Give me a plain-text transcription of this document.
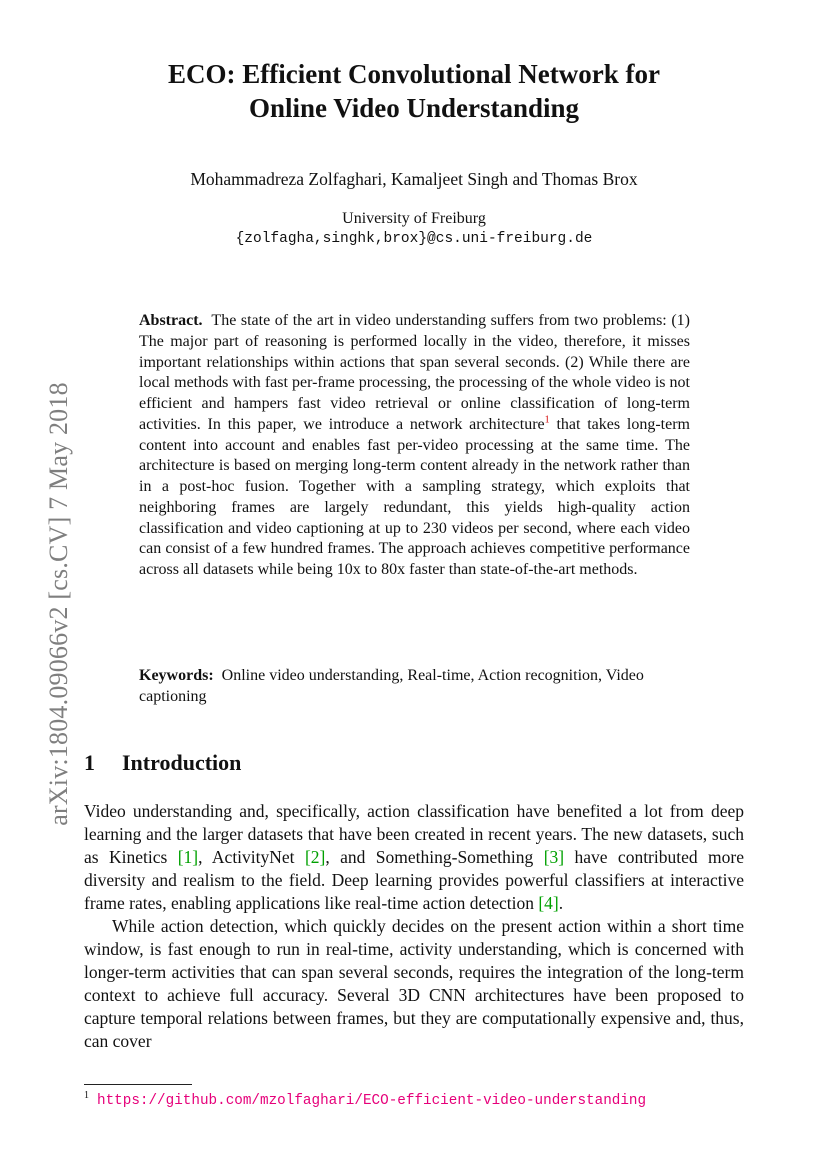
arXiv:1804.09066v2 [cs.CV] 7 May 2018
ECO: Efficient Convolutional Network for
Online Video Understanding
Mohammadreza Zolfaghari, Kamaljeet Singh and Thomas Brox
University of Freiburg
{zolfagha,singhk,brox}@cs.uni-freiburg.de
Abstract. The state of the art in video understanding suffers from two problems: (1) The major part of reasoning is performed locally in the video, therefore, it misses important relationships within actions that span several seconds. (2) While there are local methods with fast per-frame processing, the processing of the whole video is not efficient and hampers fast video retrieval or online classification of long-term activities. In this paper, we introduce a network architecture$^1$ that takes long-term content into account and enables fast per-video processing at the same time. The architecture is based on merging long-term content already in the network rather than in a post-hoc fusion. Together with a sampling strategy, which exploits that neighboring frames are largely redundant, this yields high-quality action classification and video captioning at up to 230 videos per second, where each video can consist of a few hundred frames. The approach achieves competitive performance across all datasets while being 10x to 80x faster than state-of-the-art methods.
Keywords: Online video understanding, Real-time, Action recognition, Video captioning
1 Introduction

Video understanding and, specifically, action classification have benefited a lot from deep learning and the larger datasets that have been created in recent years. The new datasets, such as Kinetics [1], ActivityNet [2], and Something-Something [3] have contributed more diversity and realism to the field. Deep learning provides powerful classifiers at interactive frame rates, enabling applications like real-time action detection [4].

While action detection, which quickly decides on the present action within a short time window, is fast enough to run in real-time, activity understanding, which is concerned with longer-term activities that can span several seconds, requires the integration of the long-term context to achieve full accuracy. Several 3D CNN architectures have been proposed to capture temporal relations between frames, but they are computationally expensive and, thus, can cover

$^1$ https://github.com/mzolfaghari/ECO-efficient-video-understanding
